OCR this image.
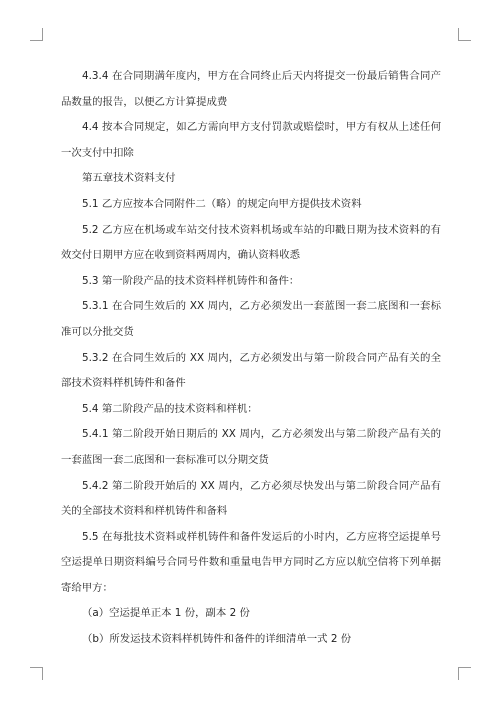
4.3.4 在合同期满年度内，甲方在合同终止后天内将提交一份最后销售合同产品数量的报告，以便乙方计算提成费

4.4 按本合同规定，如乙方需向甲方支付罚款或赔偿时，甲方有权从上述任何一次支付中扣除

第五章技术资料支付

5.1 乙方应按本合同附件二（略）的规定向甲方提供技术资料

5.2 乙方应在机场或车站交付技术资料机场或车站的印戳日期为技术资料的有效交付日期甲方应在收到资料两周内，确认资料收悉

5.3 第一阶段产品的技术资料样机铸件和备件：

5.3.1 在合同生效后的 XX 周内，乙方必须发出一套蓝图一套二底图和一套标准可以分批交货

5.3.2 在合同生效后的 XX 周内，乙方必须发出与第一阶段合同产品有关的全部技术资料样机铸件和备件

5.4 第二阶段产品的技术资料和样机：

5.4.1 第二阶段开始日期后的 XX 周内，乙方必须发出与第二阶段产品有关的一套蓝图一套二底图和一套标准可以分期交货

5.4.2 第二阶段开始后的 XX 周内，乙方必须尽快发出与第二阶段合同产品有关的全部技术资料和样机铸件和备料

5.5 在每批技术资料或样机铸件和备件发运后的小时内，乙方应将空运提单号空运提单日期资料编号合同号件数和重量电告甲方同时乙方应以航空信将下列单据寄给甲方：

（a）空运提单正本 1 份，副本 2 份

（b）所发运技术资料样机铸件和备件的详细清单一式 2 份
